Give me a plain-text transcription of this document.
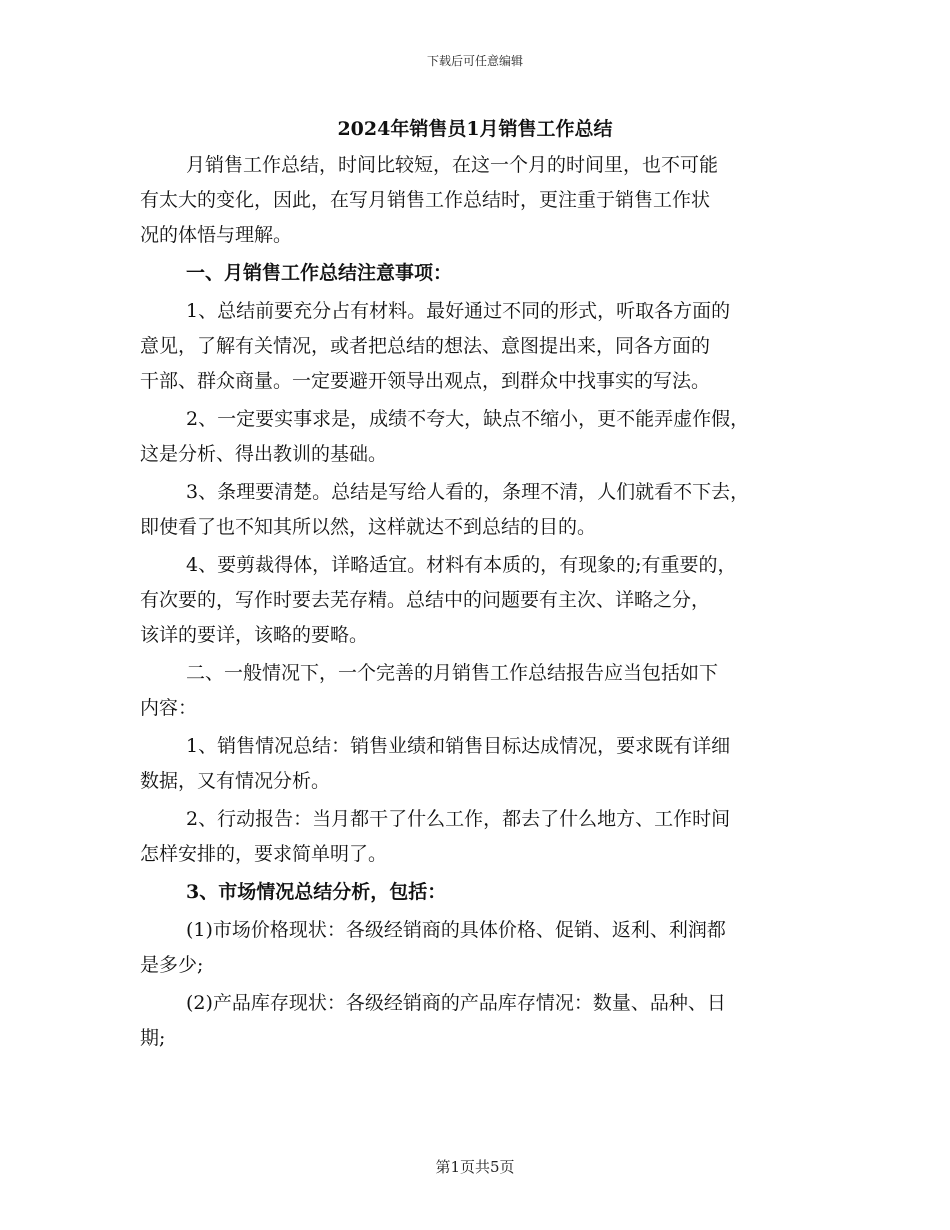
下载后可任意编辑
2024年销售员1月销售工作总结
月销售工作总结，时间比较短，在这一个月的时间里，也不可能
有太大的变化，因此，在写月销售工作总结时，更注重于销售工作状
况的体悟与理解。
一、月销售工作总结注意事项：
1、总结前要充分占有材料。最好通过不同的形式，听取各方面的
意见，了解有关情况，或者把总结的想法、意图提出来，同各方面的
干部、群众商量。一定要避开领导出观点，到群众中找事实的写法。
2、一定要实事求是，成绩不夸大，缺点不缩小，更不能弄虚作假，
这是分析、得出教训的基础。
3、条理要清楚。总结是写给人看的，条理不清，人们就看不下去，
即使看了也不知其所以然，这样就达不到总结的目的。
4、要剪裁得体，详略适宜。材料有本质的，有现象的;有重要的，
有次要的，写作时要去芜存精。总结中的问题要有主次、详略之分，
该详的要详，该略的要略。
二、一般情况下，一个完善的月销售工作总结报告应当包括如下
内容：
1、销售情况总结：销售业绩和销售目标达成情况，要求既有详细
数据，又有情况分析。
2、行动报告：当月都干了什么工作，都去了什么地方、工作时间
怎样安排的，要求简单明了。
3、市场情况总结分析，包括：
(1)市场价格现状：各级经销商的具体价格、促销、返利、利润都
是多少;
(2)产品库存现状：各级经销商的产品库存情况：数量、品种、日
期;
第1页共5页
